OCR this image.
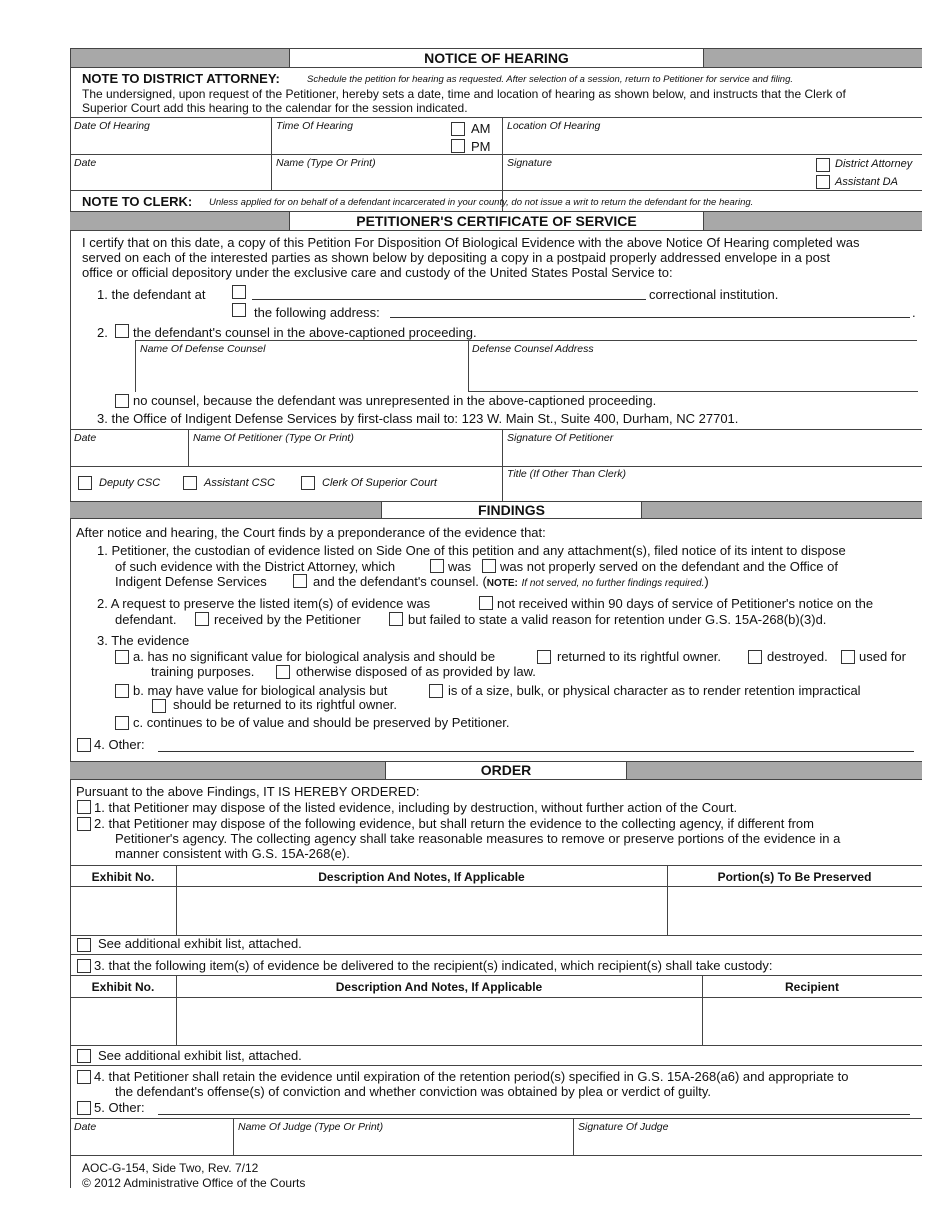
NOTICE OF HEARING
NOTE TO DISTRICT ATTORNEY:	Schedule the petition for hearing as requested. After selection of a session, return to Petitioner for service and filing.
The undersigned, upon request of the Petitioner, hereby sets a date, time and location of hearing as shown below, and instructs that the Clerk of
Superior Court add this hearing to the calendar for the session indicated.
Date Of Hearing	Time Of Hearing	AM
PM
Location Of Hearing
Date	Name (Type Or Print)	Signature	District Attorney
Assistant DA
NOTE TO CLERK: Unless applied for on behalf of a defendant incarcerated in your county, do not issue a writ to return the defendant for the hearing.
PETITIONER'S CERTIFICATE OF SERVICE
I certify that on this date, a copy of this Petition For Disposition Of Biological Evidence with the above Notice Of Hearing completed was
served on each of the interested parties as shown below by depositing a copy in a postpaid properly addressed envelope in a post
office or official depository under the exclusive care and custody of the United States Postal Service to:
1. the defendant at	correctional institution.
the following address:	.
2. the defendant's counsel in the above-captioned proceeding.
Name Of Defense Counsel	Defense Counsel Address
no counsel, because the defendant was unrepresented in the above-captioned proceeding.
3. the Office of Indigent Defense Services by first-class mail to: 123 W. Main St., Suite 400, Durham, NC 27701.
Date	Name Of Petitioner (Type Or Print)	Signature Of Petitioner
Deputy CSC	Assistant CSC	Clerk Of Superior Court
Title (If Other Than Clerk)
FINDINGS
After notice and hearing, the Court finds by a preponderance of the evidence that:
1. Petitioner, the custodian of evidence listed on Side One of this petition and any attachment(s), filed notice of its intent to dispose
of such evidence with the District Attorney, which	was was not properly served on the defendant and the Office of
Indigent Defense Services	and the defendant's counsel. (NOTE: If not served, no further findings required.)
2. A request to preserve the listed item(s) of evidence was	not received within 90 days of service of Petitioner's notice on the
defendant.	received by the Petitioner	but failed to state a valid reason for retention under G.S. 15A-268(b)(3)d.
3. The evidence
a. has no significant value for biological analysis and should be	returned to its rightful owner.	destroyed. used for
training purposes.	otherwise disposed of as provided by law.
b. may have value for biological analysis but	is of a size, bulk, or physical character as to render retention impractical
should be returned to its rightful owner.
c. continues to be of value and should be preserved by Petitioner.
4. Other:
ORDER
Pursuant to the above Findings, IT IS HEREBY ORDERED:
1. that Petitioner may dispose of the listed evidence, including by destruction, without further action of the Court.
2. that Petitioner may dispose of the following evidence, but shall return the evidence to the collecting agency, if different from
Petitioner's agency. The collecting agency shall take reasonable measures to remove or preserve portions of the evidence in a
manner consistent with G.S. 15A-268(e).
Exhibit No.	Description And Notes, If Applicable	Portion(s) To Be Preserved
See additional exhibit list, attached.
3. that the following item(s) of evidence be delivered to the recipient(s) indicated, which recipient(s) shall take custody:
Exhibit No.	Description And Notes, If Applicable	Recipient
See additional exhibit list, attached.
4. that Petitioner shall retain the evidence until expiration of the retention period(s) specified in G.S. 15A-268(a6) and appropriate to
the defendant's offense(s) of conviction and whether conviction was obtained by plea or verdict of guilty.
5. Other:
Date	Name Of Judge (Type Or Print)	Signature Of Judge
AOC-G-154, Side Two, Rev. 7/12
© 2012 Administrative Office of the Courts
